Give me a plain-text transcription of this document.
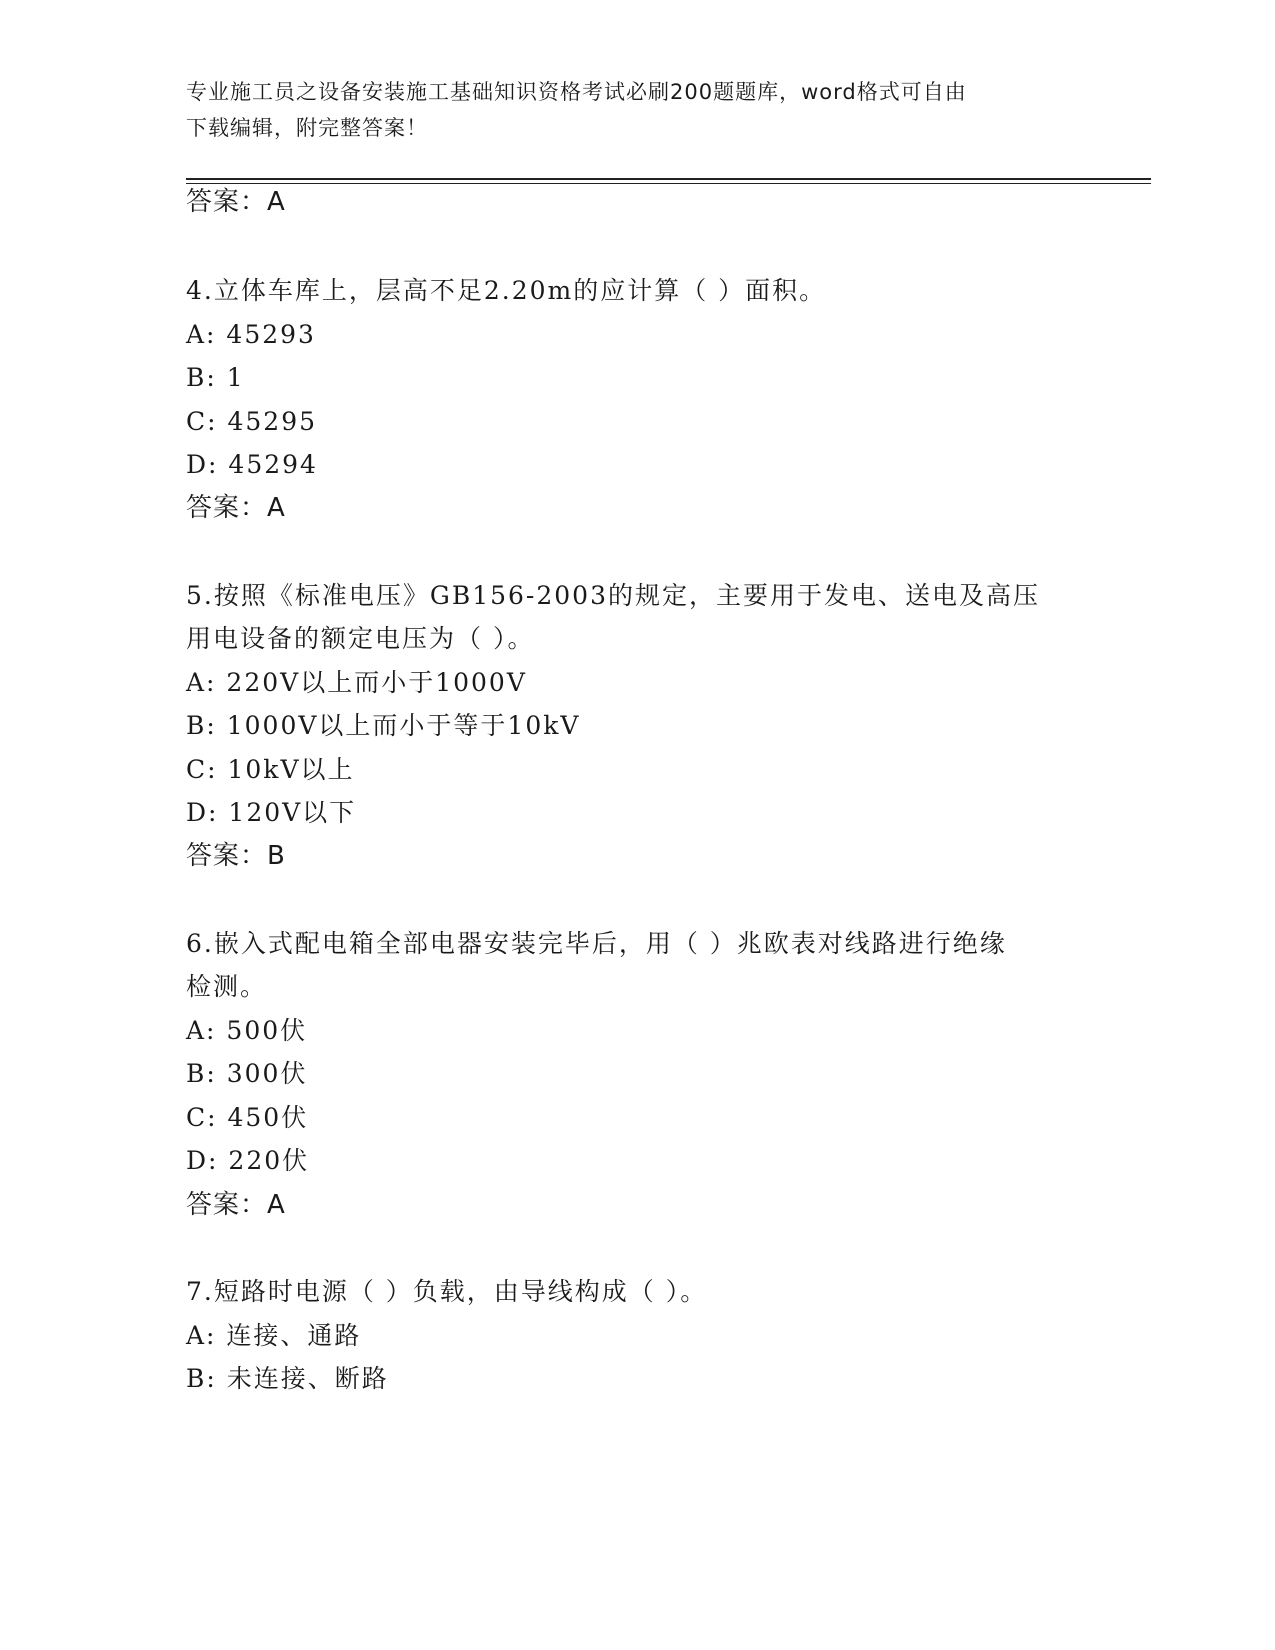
专业施工员之设备安装施工基础知识资格考试必刷200题题库，word格式可自由
下载编辑，附完整答案！
答案：A
4.立体车库上，层高不足2.20m的应计算（ ）面积。
A: 45293
B: 1
C: 45295
D: 45294
答案：A
5.按照《标准电压》GB156-2003的规定，主要用于发电、送电及高压
用电设备的额定电压为（ ）。
A: 220V以上而小于1000V
B: 1000V以上而小于等于10kV
C: 10kV以上
D: 120V以下
答案：B
6.嵌入式配电箱全部电器安装完毕后，用（ ）兆欧表对线路进行绝缘
检测。
A: 500伏
B: 300伏
C: 450伏
D: 220伏
答案：A
7.短路时电源（ ）负载，由导线构成（ ）。
A: 连接、通路
B: 未连接、断路
